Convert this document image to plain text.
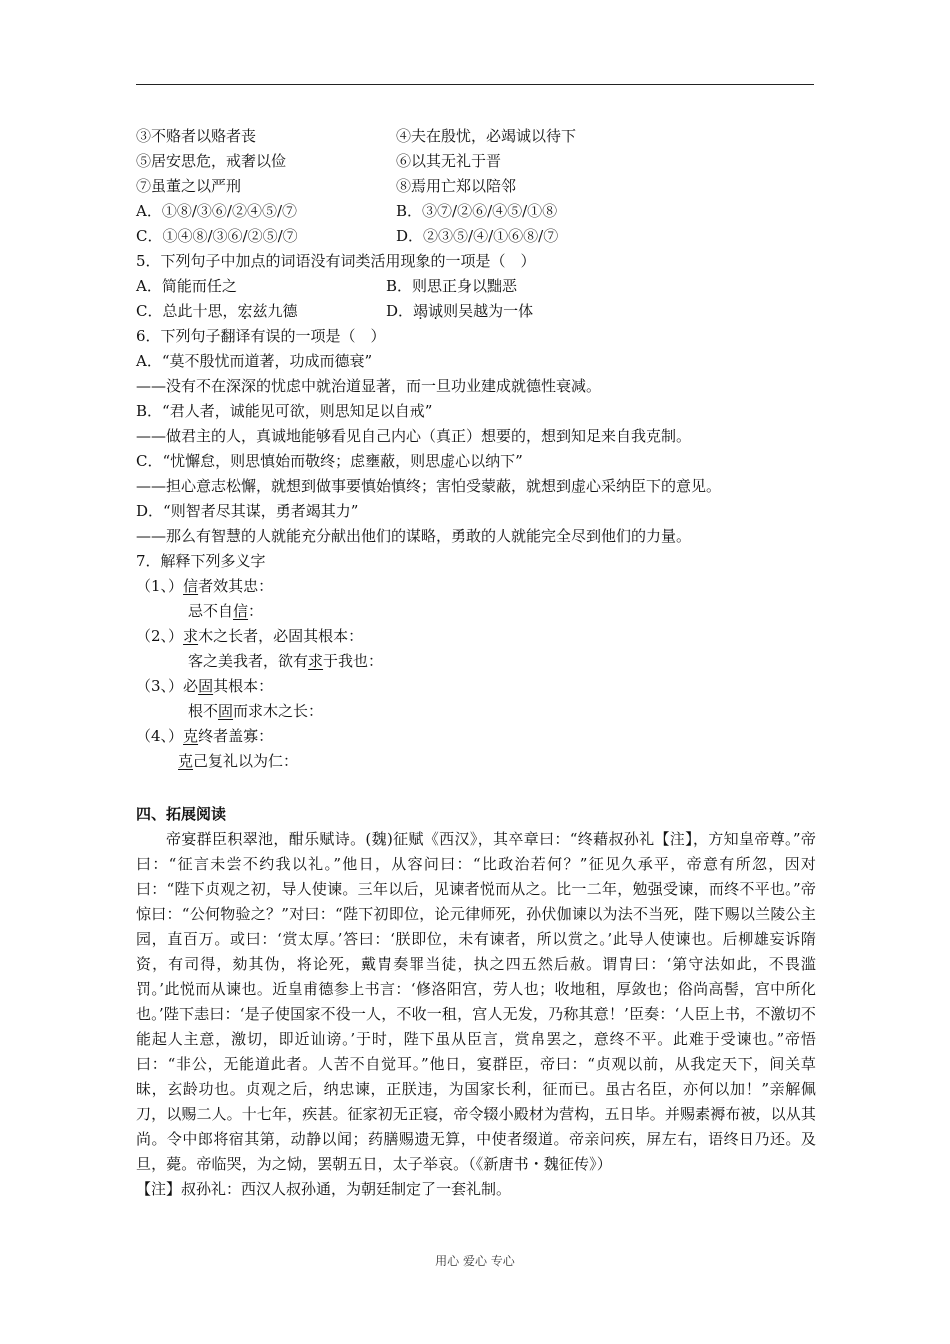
③不赂者以赂者丧	④夫在殷忧，必竭诚以待下
⑤居安思危，戒奢以俭	⑥以其无礼于晋
⑦虽董之以严刑	⑧焉用亡郑以陪邻
A．①⑧/③⑥/②④⑤/⑦	B．③⑦/②⑥/④⑤/①⑧
C．①④⑧/③⑥/②⑤/⑦	D．②③⑤/④/①⑥⑧/⑦
5．下列句子中加点的词语没有词类活用现象的一项是（　）
A．简能而任之	B．则思正身以黜恶
C．总此十思，宏兹九德	D．竭诚则吴越为一体
6．下列句子翻译有误的一项是（　）
A．“莫不殷忧而道著，功成而德衰”
——没有不在深深的忧虑中就治道显著，而一旦功业建成就德性衰减。
B．“君人者，诚能见可欲，则思知足以自戒”
——做君主的人，真诚地能够看见自己内心（真正）想要的，想到知足来自我克制。
C．“忧懈怠，则思慎始而敬终；虑壅蔽，则思虚心以纳下”
——担心意志松懈，就想到做事要慎始慎终；害怕受蒙蔽，就想到虚心采纳臣下的意见。
D．“则智者尽其谋，勇者竭其力”
——那么有智慧的人就能充分献出他们的谋略，勇敢的人就能完全尽到他们的力量。
7．解释下列多义字
（1、）信者效其忠：
忌不自信：
（2、）求木之长者，必固其根本：
客之美我者，欲有求于我也：
（3、）必固其根本：
根不固而求木之长：
（4、）克终者盖寡：
克己复礼以为仁：
四、拓展阅读
帝宴群臣积翠池，酣乐赋诗。(魏)征赋《西汉》，其卒章曰：“终藉叔孙礼【注】，方知皇帝尊。”帝曰：“征言未尝不约我以礼。”他日，从容问曰：“比政治若何？”征见久承平，帝意有所忽，因对曰：“陛下贞观之初，导人使谏。三年以后，见谏者悦而从之。比一二年，勉强受谏，而终不平也。”帝惊曰：“公何物验之？”对曰：“陛下初即位，论元律师死，孙伏伽谏以为法不当死，陛下赐以兰陵公主园，直百万。或曰：‘赏太厚。’答曰：‘朕即位，未有谏者，所以赏之。’此导人使谏也。后柳雄妄诉隋资，有司得，劾其伪，将论死，戴胄奏罪当徒，执之四五然后赦。谓胄曰：‘第守法如此，不畏滥罚。’此悦而从谏也。近皇甫德参上书言：‘修洛阳宫，劳人也；收地租，厚敛也；俗尚高髻，宫中所化也。’陛下恚曰：‘是子使国家不役一人，不收一租，宫人无发，乃称其意！’臣奏：‘人臣上书，不激切不能起人主意，激切，即近讪谤。’于时，陛下虽从臣言，赏帛罢之，意终不平。此难于受谏也。”帝悟曰：“非公，无能道此者。人苦不自觉耳。”他日，宴群臣，帝曰：“贞观以前，从我定天下，间关草昧，玄龄功也。贞观之后，纳忠谏，正朕违，为国家长利，征而已。虽古名臣，亦何以加！”亲解佩刀，以赐二人。十七年，疾甚。征家初无正寝，帝令辍小殿材为营构，五日毕。并赐素褥布被，以从其尚。令中郎将宿其第，动静以闻；药膳赐遗无算，中使者缀道。帝亲问疾，屏左右，语终日乃还。及旦，薨。帝临哭，为之恸，罢朝五日，太子举哀。（《新唐书・魏征传》）
【注】叔孙礼：西汉人叔孙通，为朝廷制定了一套礼制。
用心 爱心 专心
